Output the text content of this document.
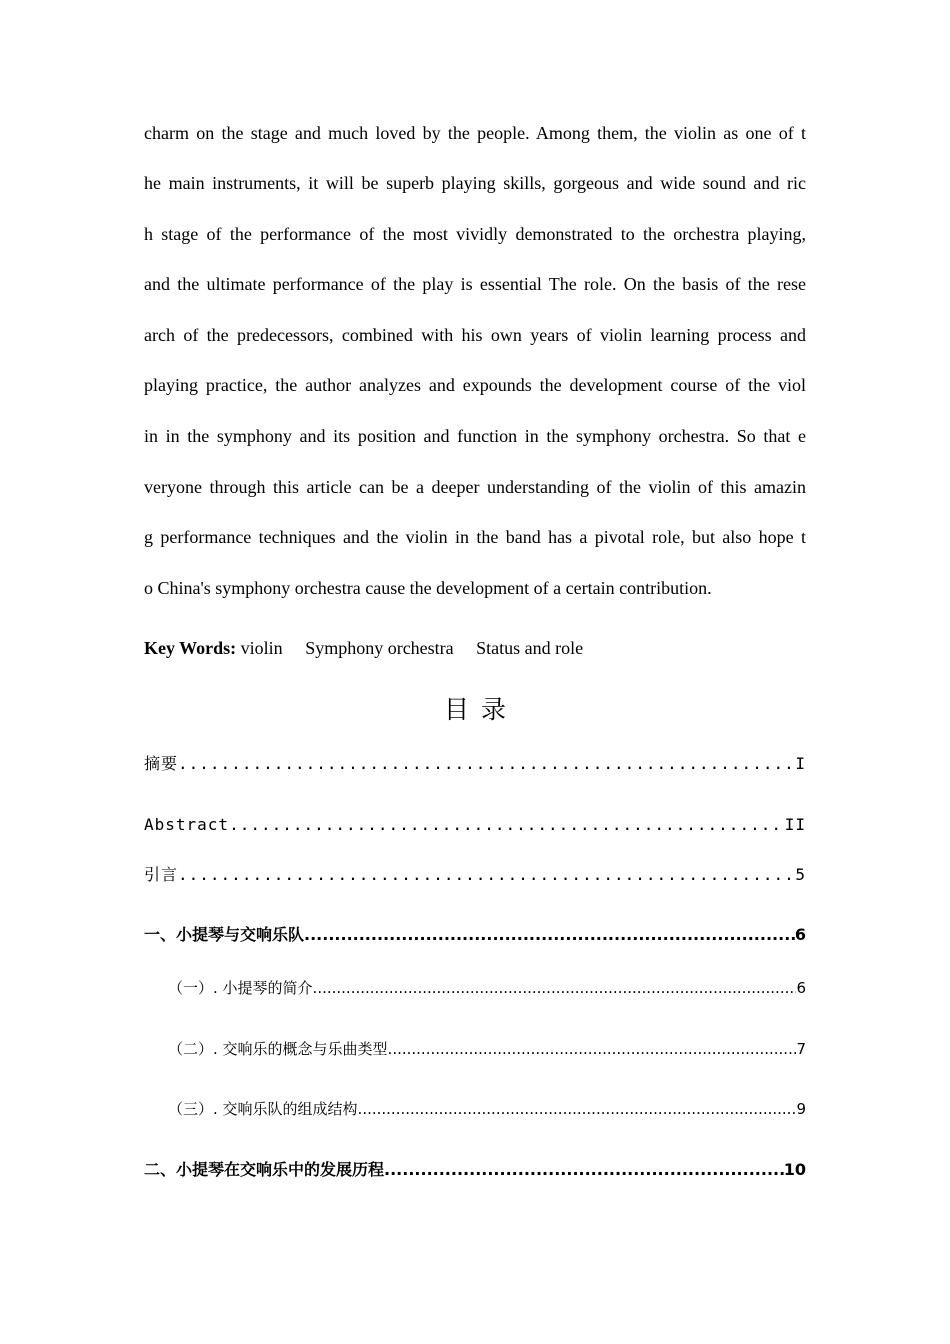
charm on the stage and much loved by the people. Among them, the violin as one of t
he main instruments, it will be superb playing skills, gorgeous and wide sound and ric
h stage of the performance of the most vividly demonstrated to the orchestra playing,
and the ultimate performance of the play is essential The role. On the basis of the rese
arch of the predecessors, combined with his own years of violin learning process and
playing practice, the author analyzes and expounds the development course of the viol
in in the symphony and its position and function in the symphony orchestra. So that e
veryone through this article can be a deeper understanding of the violin of this amazin
g performance techniques and the violin in the band has a pivotal role, but also hope t
o China's symphony orchestra cause the development of a certain contribution.
Key Words: violin Symphony orchestra Status and role
目录
摘要 .....	I
Abstract .....	II
引言 .....	5
一、小提琴与交响乐队 .....	6
（一）. 小提琴的简介 .....	6
（二）. 交响乐的概念与乐曲类型 .....	7
（三）. 交响乐队的组成结构 .....	9
二、小提琴在交响乐中的发展历程 .....	10
